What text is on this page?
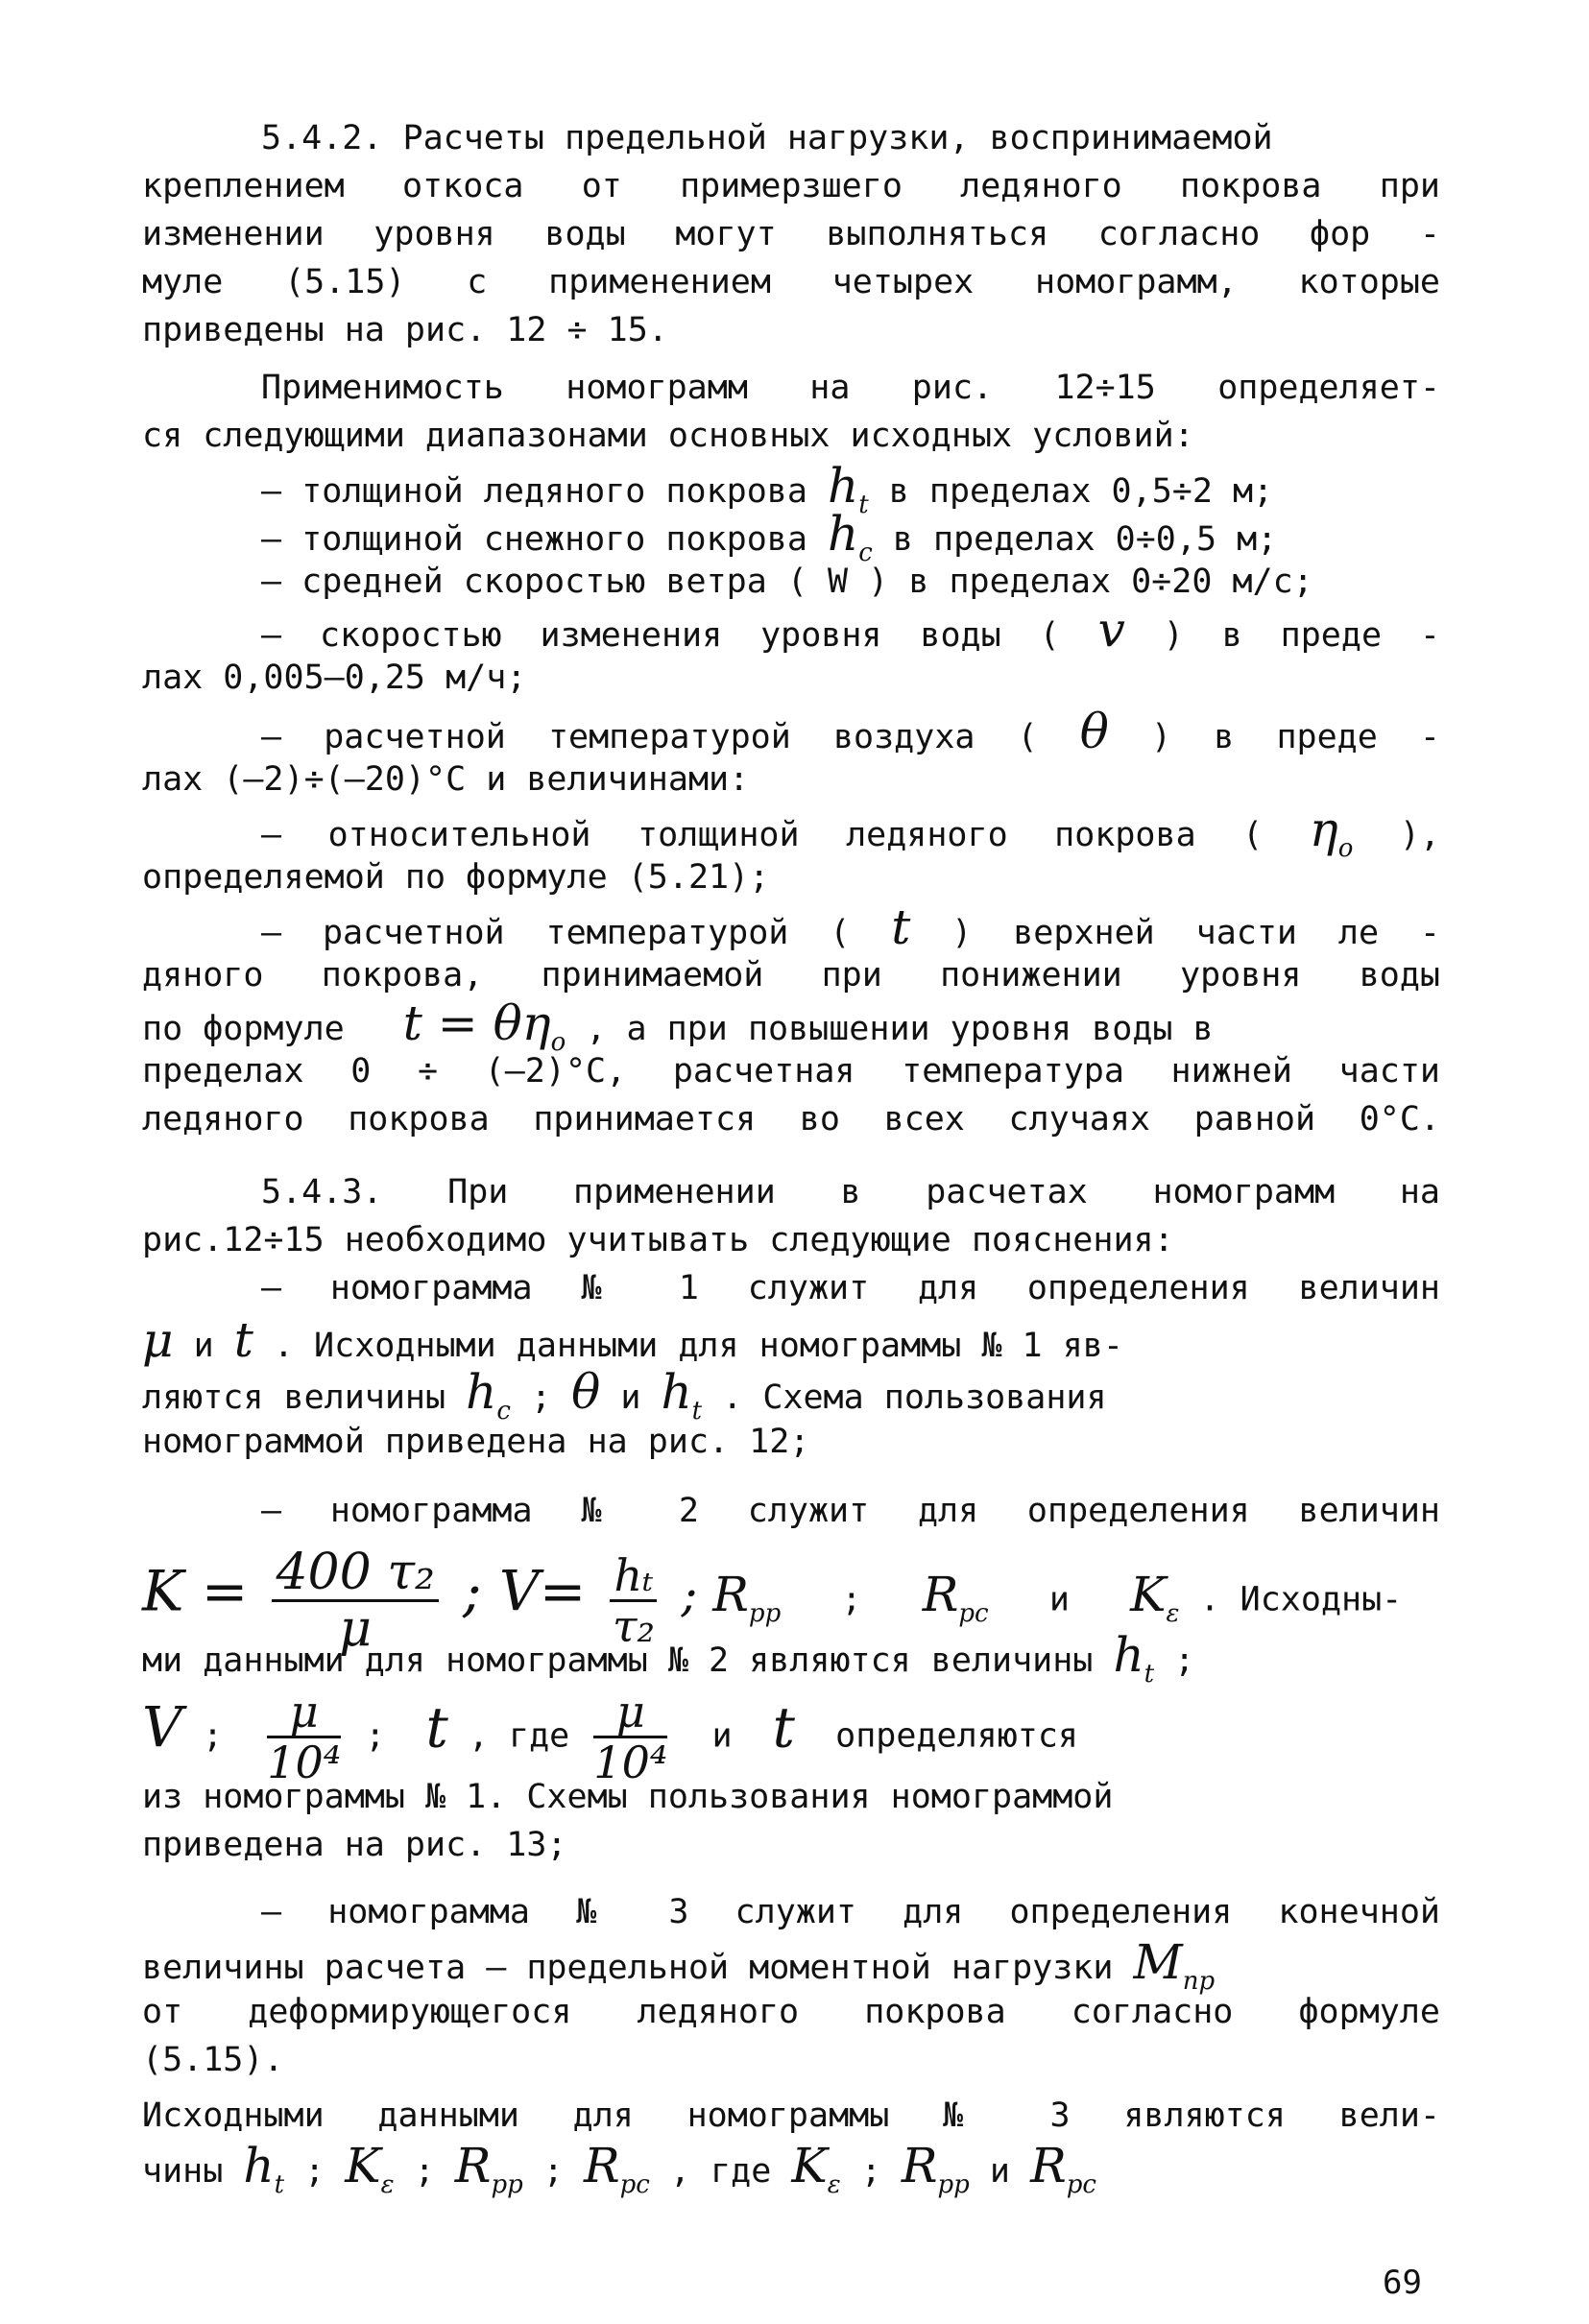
5.4.2. Расчеты предельной нагрузки, воспринимаемой
креплением откоса от примерзшего ледяного покрова при
изменении уровня воды могут выполняться согласно фор -
муле (5.15) с применением четырех номограмм, которые
приведены на рис. 12 ÷ 15.
Применимость номограмм на рис. 12÷15 определяет-
ся следующими диапазонами основных исходных условий:
– толщиной ледяного покрова $h_t$ в пределах 0,5÷2 м;
– толщиной снежного покрова $h_c$ в пределах 0÷0,5 м;
– средней скоростью ветра ( W ) в пределах 0÷20 м/с;
– скоростью изменения уровня воды ( v ) в преде -
лах 0,005–0,25 м/ч;
– расчетной температурой воздуха ( θ ) в преде -
лах (–2)÷(–20)°С и величинами:
– относительной толщиной ледяного покрова ( $\eta_o$ ),
определяемой по формуле (5.21);
– расчетной температурой ( t ) верхней части ле -
дяного покрова, принимаемой при понижении уровня воды
по формуле $t = \theta\eta_o$ , а при повышении уровня воды в
пределах 0 ÷ (–2)°С, расчетная температура нижней части
ледяного покрова принимается во всех случаях равной 0°С.
5.4.3. При применении в расчетах номограмм на
рис.12÷15 необходимо учитывать следующие пояснения:
– номограмма № 1 служит для определения величин
μ и t . Исходными данными для номограммы № 1 яв-
ляются величины $h_c$ ; θ и $h_t$ . Схема пользования
номограммой приведена на рис. 12;
– номограмма № 2 служит для определения величин
$K = \frac{\text{400 τ₂}}{\mu}$ ; $V= \frac{\text{hₜ}}{\text{τ₂}}$ ; $R_{pp}$   ;   $R_{pc}$   и   $K_\varepsilon$ . Исходны-
ми данными для номограммы № 2 являются величины $h_t$ ;
V ; $\frac{\mu}{\text{10⁴}}$ ;  t , где $\frac{\mu}{\text{10⁴}}$ и t определяются
из номограммы № 1. Схемы пользования номограммой
приведена на рис. 13;
– номограмма № 3 служит для определения конечной
величины расчета – предельной моментной нагрузки $M_{пр}$
от деформирующегося ледяного покрова согласно формуле
(5.15).
Исходными данными для номограммы № 3 являются вели-
чины $h_t$ ; $K_\varepsilon$ ; $R_{pp}$ ; $R_{pc}$ , где $K_\varepsilon$ ; $R_{pp}$ и $R_{pc}$
69
